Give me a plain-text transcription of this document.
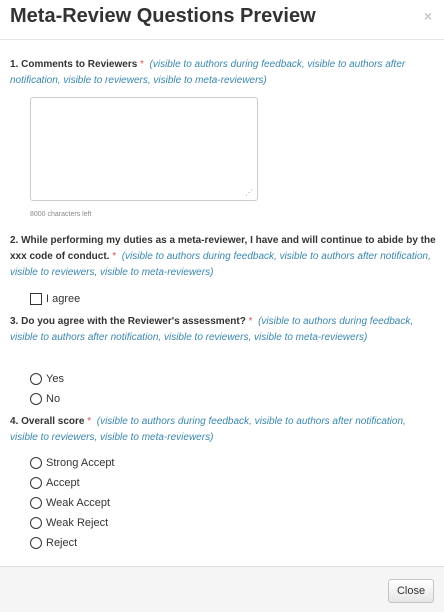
Meta-Review Questions Preview	×
1. Comments to Reviewers * (visible to authors during feedback, visible to authors after notification, visible to reviewers, visible to meta-reviewers)
⋰
8000 characters left
2. While performing my duties as a meta-reviewer, I have and will continue to abide by the xxx code of conduct. * (visible to authors during feedback, visible to authors after notification, visible to reviewers, visible to meta-reviewers)
I agree
3. Do you agree with the Reviewer's assessment? * (visible to authors during feedback, visible to authors after notification, visible to reviewers, visible to meta-reviewers)
Yes
No
4. Overall score * (visible to authors during feedback, visible to authors after notification, visible to reviewers, visible to meta-reviewers)
Strong Accept
Accept
Weak Accept
Weak Reject
Reject
Close
